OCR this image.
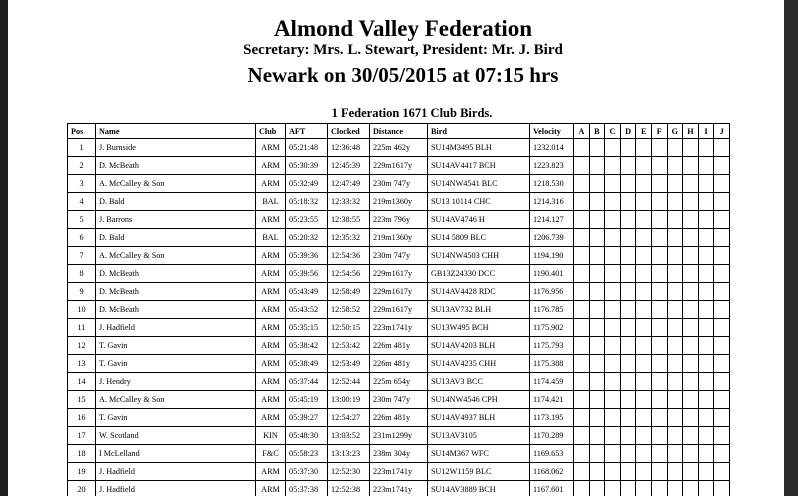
Almond Valley Federation
Secretary: Mrs. L. Stewart, President: Mr. J. Bird
Newark on 30/05/2015 at 07:15 hrs
1 Federation 1671 Club Birds.
Pos	Name	Club	AFT	Clocked	Distance	Bird	Velocity	A	B	C	D	E	F	G	H	I	J
1	J. Burnside	ARM	05:21:48	12:36:48	225m 462y	SU14M3495 BLH	1232.014										
2	D. McBeath	ARM	05:30:39	12:45:39	229m1617y	SU14AV4417 BCH	1223.823										
3	A. McCalley & Son	ARM	05:32:49	12:47:49	230m 747y	SU14NW4541 BLC	1218.530										
4	D. Bald	BAL	05:18:32	12:33:32	219m1360y	SU13 10114 CHC	1214.316										
5	J. Barrons	ARM	05:23:55	12:38:55	223m 796y	SU14AV4746 H	1214.127										
6	D. Bald	BAL	05:20:32	12:35:32	219m1360y	SU14 5809 BLC	1206.739										
7	A. McCalley & Son	ARM	05:39:36	12:54:36	230m 747y	SU14NW4503 CHH	1194.190										
8	D. McBeath	ARM	05:39:56	12:54:56	229m1617y	GB13Z24330 DCC	1190.401										
9	D. McBeath	ARM	05:43:49	12:58:49	229m1617y	SU14AV4428 RDC	1176.956										
10	D. McBeath	ARM	05:43:52	12:58:52	229m1617y	SU13AV732 BLH	1176.785										
11	J. Hadfield	ARM	05:35:15	12:50:15	223m1741y	SU13W495 BCH	1175.902										
12	T. Gavin	ARM	05:38:42	12:53:42	226m 481y	SU14AV4203 BLH	1175.793										
13	T. Gavin	ARM	05:38:49	12:53:49	226m 481y	SU14AV4235 CHH	1175.388										
14	J. Hendry	ARM	05:37:44	12:52:44	225m 654y	SU13AV3 BCC	1174.459										
15	A. McCalley & Son	ARM	05:45:19	13:00:19	230m 747y	SU14NW4546 CPH	1174.421										
16	T. Gavin	ARM	05:39:27	12:54:27	226m 481y	SU14AV4937 BLH	1173.195										
17	W. Scotland	KIN	05:48:30	13:03:52	231m1299y	SU13AV3105	1170.289										
18	I McLelland	F&C	05:58:23	13:13:23	238m 304y	SU14M367 WFC	1169.653										
19	J. Hadfield	ARM	05:37:30	12:52:30	223m1741y	SU12W1159 BLC	1168.062										
20	J. Hadfield	ARM	05:37:38	12:52:38	223m1741y	SU14AV3889 BCH	1167.601										
